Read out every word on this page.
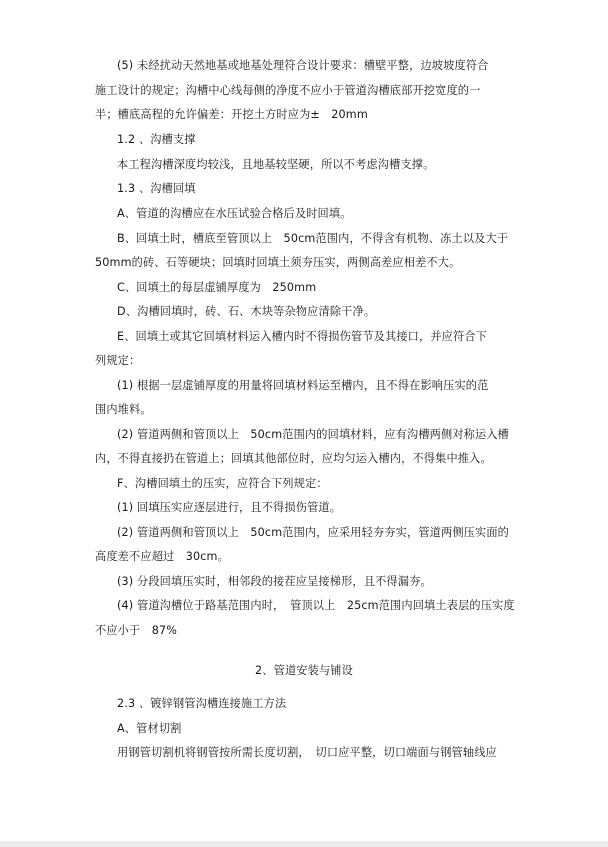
(5) 未经扰动天然地基或地基处理符合设计要求：槽壁平整，边坡坡度符合
施工设计的规定；沟槽中心线每侧的净度不应小于管道沟槽底部开挖宽度的一
半；槽底高程的允许偏差：开挖土方时应为±　20mm
1.2 、沟槽支撑
本工程沟槽深度均较浅，且地基较坚硬，所以不考虑沟槽支撑。
1.3 、沟槽回填
A、管道的沟槽应在水压试验合格后及时回填。
B、回填土时，槽底至管顶以上　50cm范围内，不得含有机物、冻土以及大于
50mm的砖、石等硬块；回填时回填土须夯压实，两侧高差应相差不大。
C、回填土的每层虚铺厚度为　250mm
D、沟槽回填时，砖、石、木块等杂物应清除干净。
E、回填土或其它回填材料运入槽内时不得损伤管节及其接口，并应符合下
列规定：
(1) 根据一层虚铺厚度的用量将回填材料运至槽内，且不得在影响压实的范
围内堆料。
(2) 管道两侧和管顶以上　50cm范围内的回填材料，应有沟槽两侧对称运入槽
内，不得直接扔在管道上；回填其他部位时，应均匀运入槽内，不得集中推入。
F、沟槽回填土的压实，应符合下列规定：
(1) 回填压实应逐层进行，且不得损伤管道。
(2) 管道两侧和管顶以上　50cm范围内，应采用轻夯夯实，管道两侧压实面的
高度差不应超过　30cm。
(3) 分段回填压实时，相邻段的接茬应呈接梯形，且不得漏夯。
(4) 管道沟槽位于路基范围内时，　管顶以上　25cm范围内回填土表层的压实度
不应小于　87%
2、管道安装与铺设
2.3 、镀锌钢管沟槽连接施工方法
A、管材切割
用钢管切割机将钢管按所需长度切割，　切口应平整，切口端面与钢管轴线应
